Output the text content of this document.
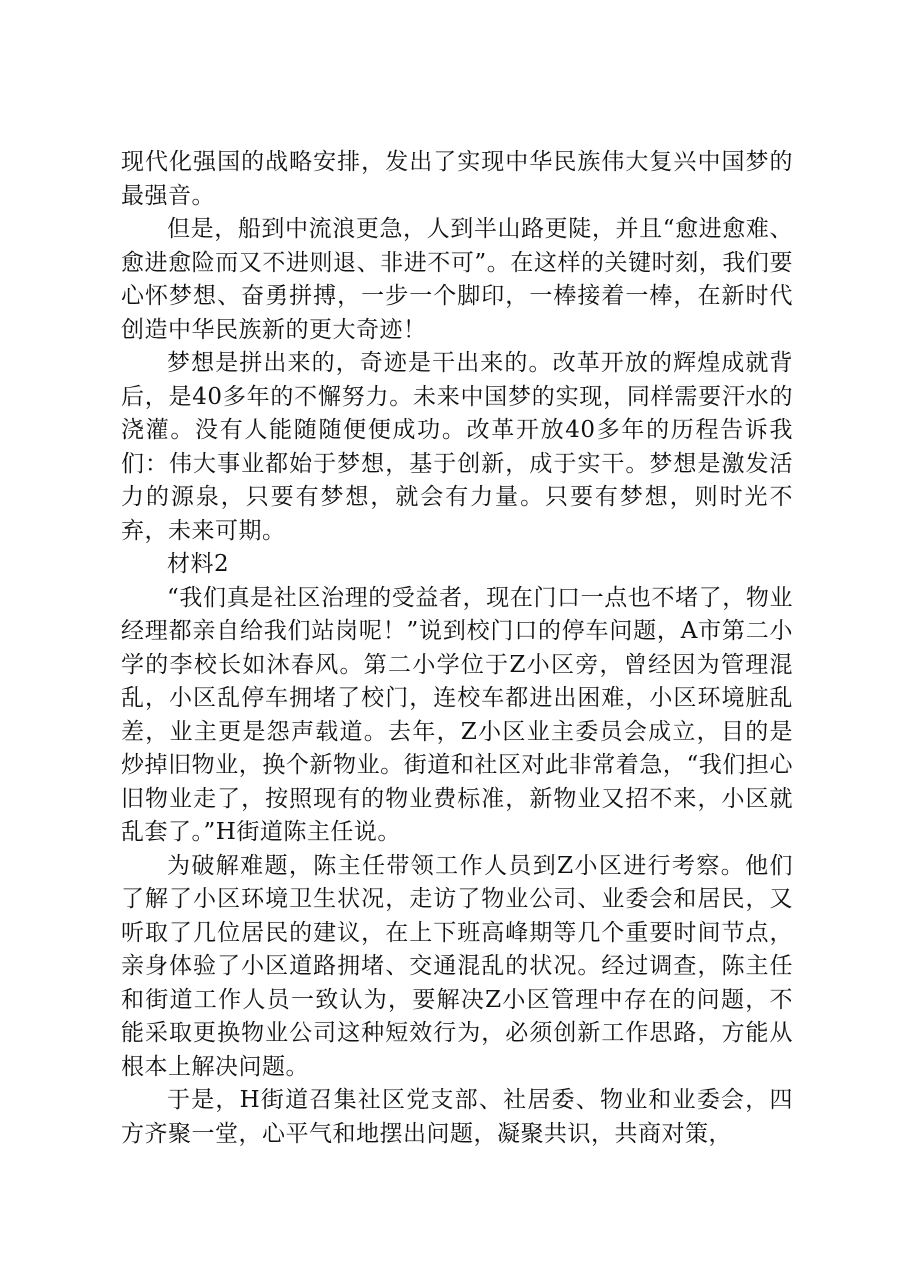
现代化强国的战略安排，发出了实现中华民族伟大复兴中国梦的最强音。

但是，船到中流浪更急，人到半山路更陡，并且“愈进愈难、愈进愈险而又不进则退、非进不可”。在这样的关键时刻，我们要心怀梦想、奋勇拼搏，一步一个脚印，一棒接着一棒，在新时代创造中华民族新的更大奇迹！

梦想是拼出来的，奇迹是干出来的。改革开放的辉煌成就背后，是40多年的不懈努力。未来中国梦的实现，同样需要汗水的浇灌。没有人能随随便便成功。改革开放40多年的历程告诉我们：伟大事业都始于梦想，基于创新，成于实干。梦想是激发活力的源泉，只要有梦想，就会有力量。只要有梦想，则时光不弃，未来可期。

材料2

“我们真是社区治理的受益者，现在门口一点也不堵了，物业经理都亲自给我们站岗呢！”说到校门口的停车问题，A市第二小学的李校长如沐春风。第二小学位于Z小区旁，曾经因为管理混乱，小区乱停车拥堵了校门，连校车都进出困难，小区环境脏乱差，业主更是怨声载道。去年，Z小区业主委员会成立，目的是炒掉旧物业，换个新物业。街道和社区对此非常着急，“我们担心旧物业走了，按照现有的物业费标准，新物业又招不来，小区就乱套了。”H街道陈主任说。

为破解难题，陈主任带领工作人员到Z小区进行考察。他们了解了小区环境卫生状况，走访了物业公司、业委会和居民，又听取了几位居民的建议，在上下班高峰期等几个重要时间节点，亲身体验了小区道路拥堵、交通混乱的状况。经过调查，陈主任和街道工作人员一致认为，要解决Z小区管理中存在的问题，不能采取更换物业公司这种短效行为，必须创新工作思路，方能从根本上解决问题。

于是，H街道召集社区党支部、社居委、物业和业委会，四方齐聚一堂，心平气和地摆出问题，凝聚共识，共商对策，
